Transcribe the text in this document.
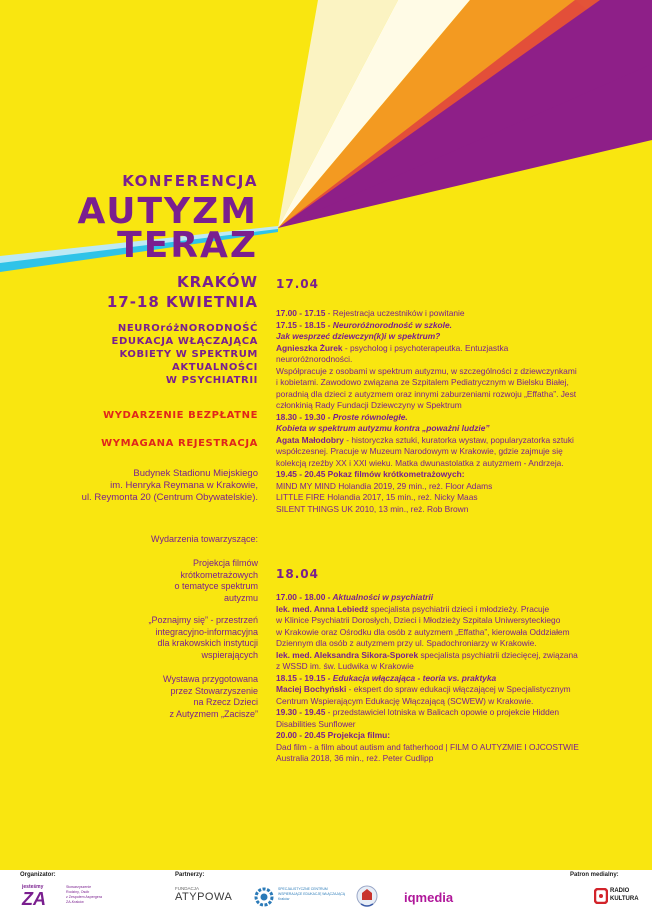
KONFERENCJA
AUTYZM
TERAZ
KRAKÓW
17-18 KWIETNIA
NEUROróżNORODNOŚĆ
EDUKACJA WŁĄCZAJĄCA
KOBIETY W SPEKTRUM
AKTUALNOŚCI
W PSYCHIATRII
WYDARZENIE BEZPŁATNE
WYMAGANA REJESTRACJA
Budynek Stadionu Miejskiego
im. Henryka Reymana w Krakowie,
ul. Reymonta 20 (Centrum Obywatelskie).
Wydarzenia towarzyszące:
Projekcja filmów
krótkometrażowych
o tematyce spektrum
autyzmu
„Poznajmy się” - przestrzeń
integracyjno-informacyjna
dla krakowskich instytucji
wspierających
Wystawa przygotowana
przez Stowarzyszenie
na Rzecz Dzieci
z Autyzmem „Zacisze”
17.04
17.00 - 17.15 - Rejestracja uczestników i powitanie
17.15 - 18.15 - Neuroróżnorodność w szkole.
Jak wesprzeć dziewczyn(k)i w spektrum?
Agnieszka Żurek - psycholog i psychoterapeutka. Entuzjastka neuroróżnorodności.
Współpracuje z osobami w spektrum autyzmu, w szczególności z dziewczynkami
i kobietami. Zawodowo związana ze Szpitalem Pediatrycznym w Bielsku Białej,
poradnią dla dzieci z autyzmem oraz innymi zaburzeniami rozwoju „Effatha”. Jest
członkinią Rady Fundacji Dziewczyny w Spektrum
18.30 - 19.30 - Proste równoległe.
Kobieta w spektrum autyzmu kontra „poważni ludzie”
Agata Małodobry - historyczka sztuki, kuratorka wystaw, popularyzatorka sztuki
współczesnej. Pracuje w Muzeum Narodowym w Krakowie, gdzie zajmuje się
kolekcją rzeźby XX i XXI wieku. Matka dwunastolatka z autyzmem - Andrzeja.
19.45 - 20.45 Pokaz filmów krótkometrażowych:
MIND MY MIND Holandia 2019, 29 min., reż. Floor Adams
LITTLE FIRE Holandia 2017, 15 min., reż. Nicky Maas
SILENT THINGS UK 2010, 13 min., reż. Rob Brown
18.04
17.00 - 18.00 - Aktualności w psychiatrii
lek. med. Anna Lebiedź specjalista psychiatrii dzieci i młodzieży. Pracuje
w Klinice Psychiatrii Dorosłych, Dzieci i Młodzieży Szpitala Uniwersyteckiego
w Krakowie oraz Ośrodku dla osób z autyzmem „Effatha”, kierowała Oddziałem
Dziennym dla osób z autyzmem przy ul. Spadochroniarzy w Krakowie.
lek. med. Aleksandra Sikora-Sporek specjalista psychiatrii dziecięcej, związana
z WSSD im. św. Ludwika w Krakowie
18.15 - 19.15 - Edukacja włączająca - teoria vs. praktyka
Maciej Bochyński - ekspert do spraw edukacji włączającej w Specjalistycznym
Centrum Wspierającym Edukację Włączającą (SCWEW) w Krakowie.
19.30 - 19.45 - przedstawiciel lotniska w Balicach opowie o projekcie Hidden
Disabilities Sunflower
20.00 - 20.45 Projekcja filmu:
Dad film - a film about autism and fatherhood | FILM O AUTYZMIE I OJCOSTWIE
Australia 2018, 36 min., reż. Peter Cudlipp
Organizator:	Partnerzy:	Patron medialny:
jesteśmy
ZA
Stowarzyszenie
Rodziny, Osób
z Zespołem Aspergera
ZA-Kraków
FUNDACJA
ATYPOWA
SPECJALISTYCZNE CENTRUM
WSPIERAJĄCE EDUKACJĘ WŁĄCZAJĄCĄ
Kraków	iqmedia	RADIO
KULTURA
